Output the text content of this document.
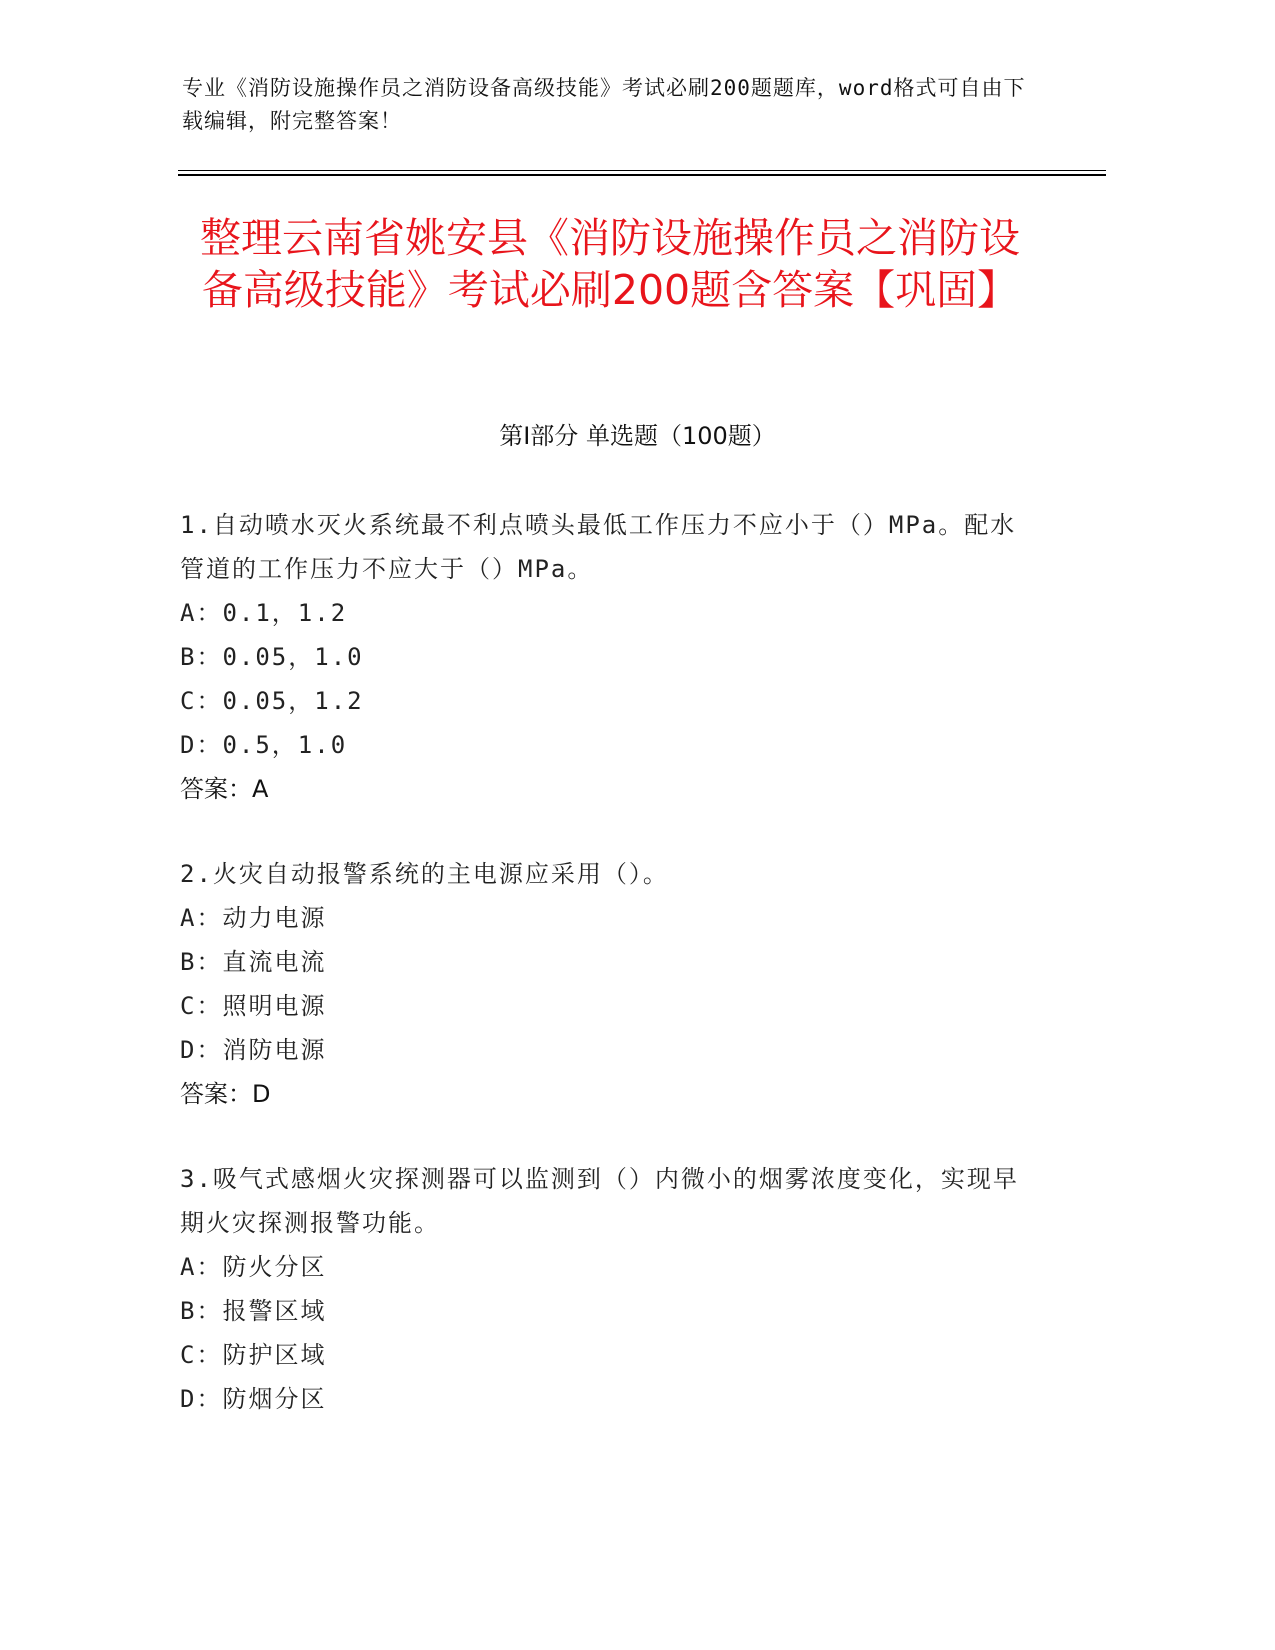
专业《消防设施操作员之消防设备高级技能》考试必刷200题题库，word格式可自由下载编辑，附完整答案！
整理云南省姚安县《消防设施操作员之消防设备高级技能》考试必刷200题含答案【巩固】
第Ⅰ部分 单选题（100题）
1.自动喷水灭火系统最不利点喷头最低工作压力不应小于（）MPa。配水管道的工作压力不应大于（）MPa。
A： 0.1，1.2
B： 0.05，1.0
C： 0.05，1.2
D： 0.5，1.0
答案：A
2.火灾自动报警系统的主电源应采用（）。
A： 动力电源
B： 直流电流
C： 照明电源
D： 消防电源
答案：D
3.吸气式感烟火灾探测器可以监测到（）内微小的烟雾浓度变化，实现早期火灾探测报警功能。
A： 防火分区
B： 报警区域
C： 防护区域
D： 防烟分区
